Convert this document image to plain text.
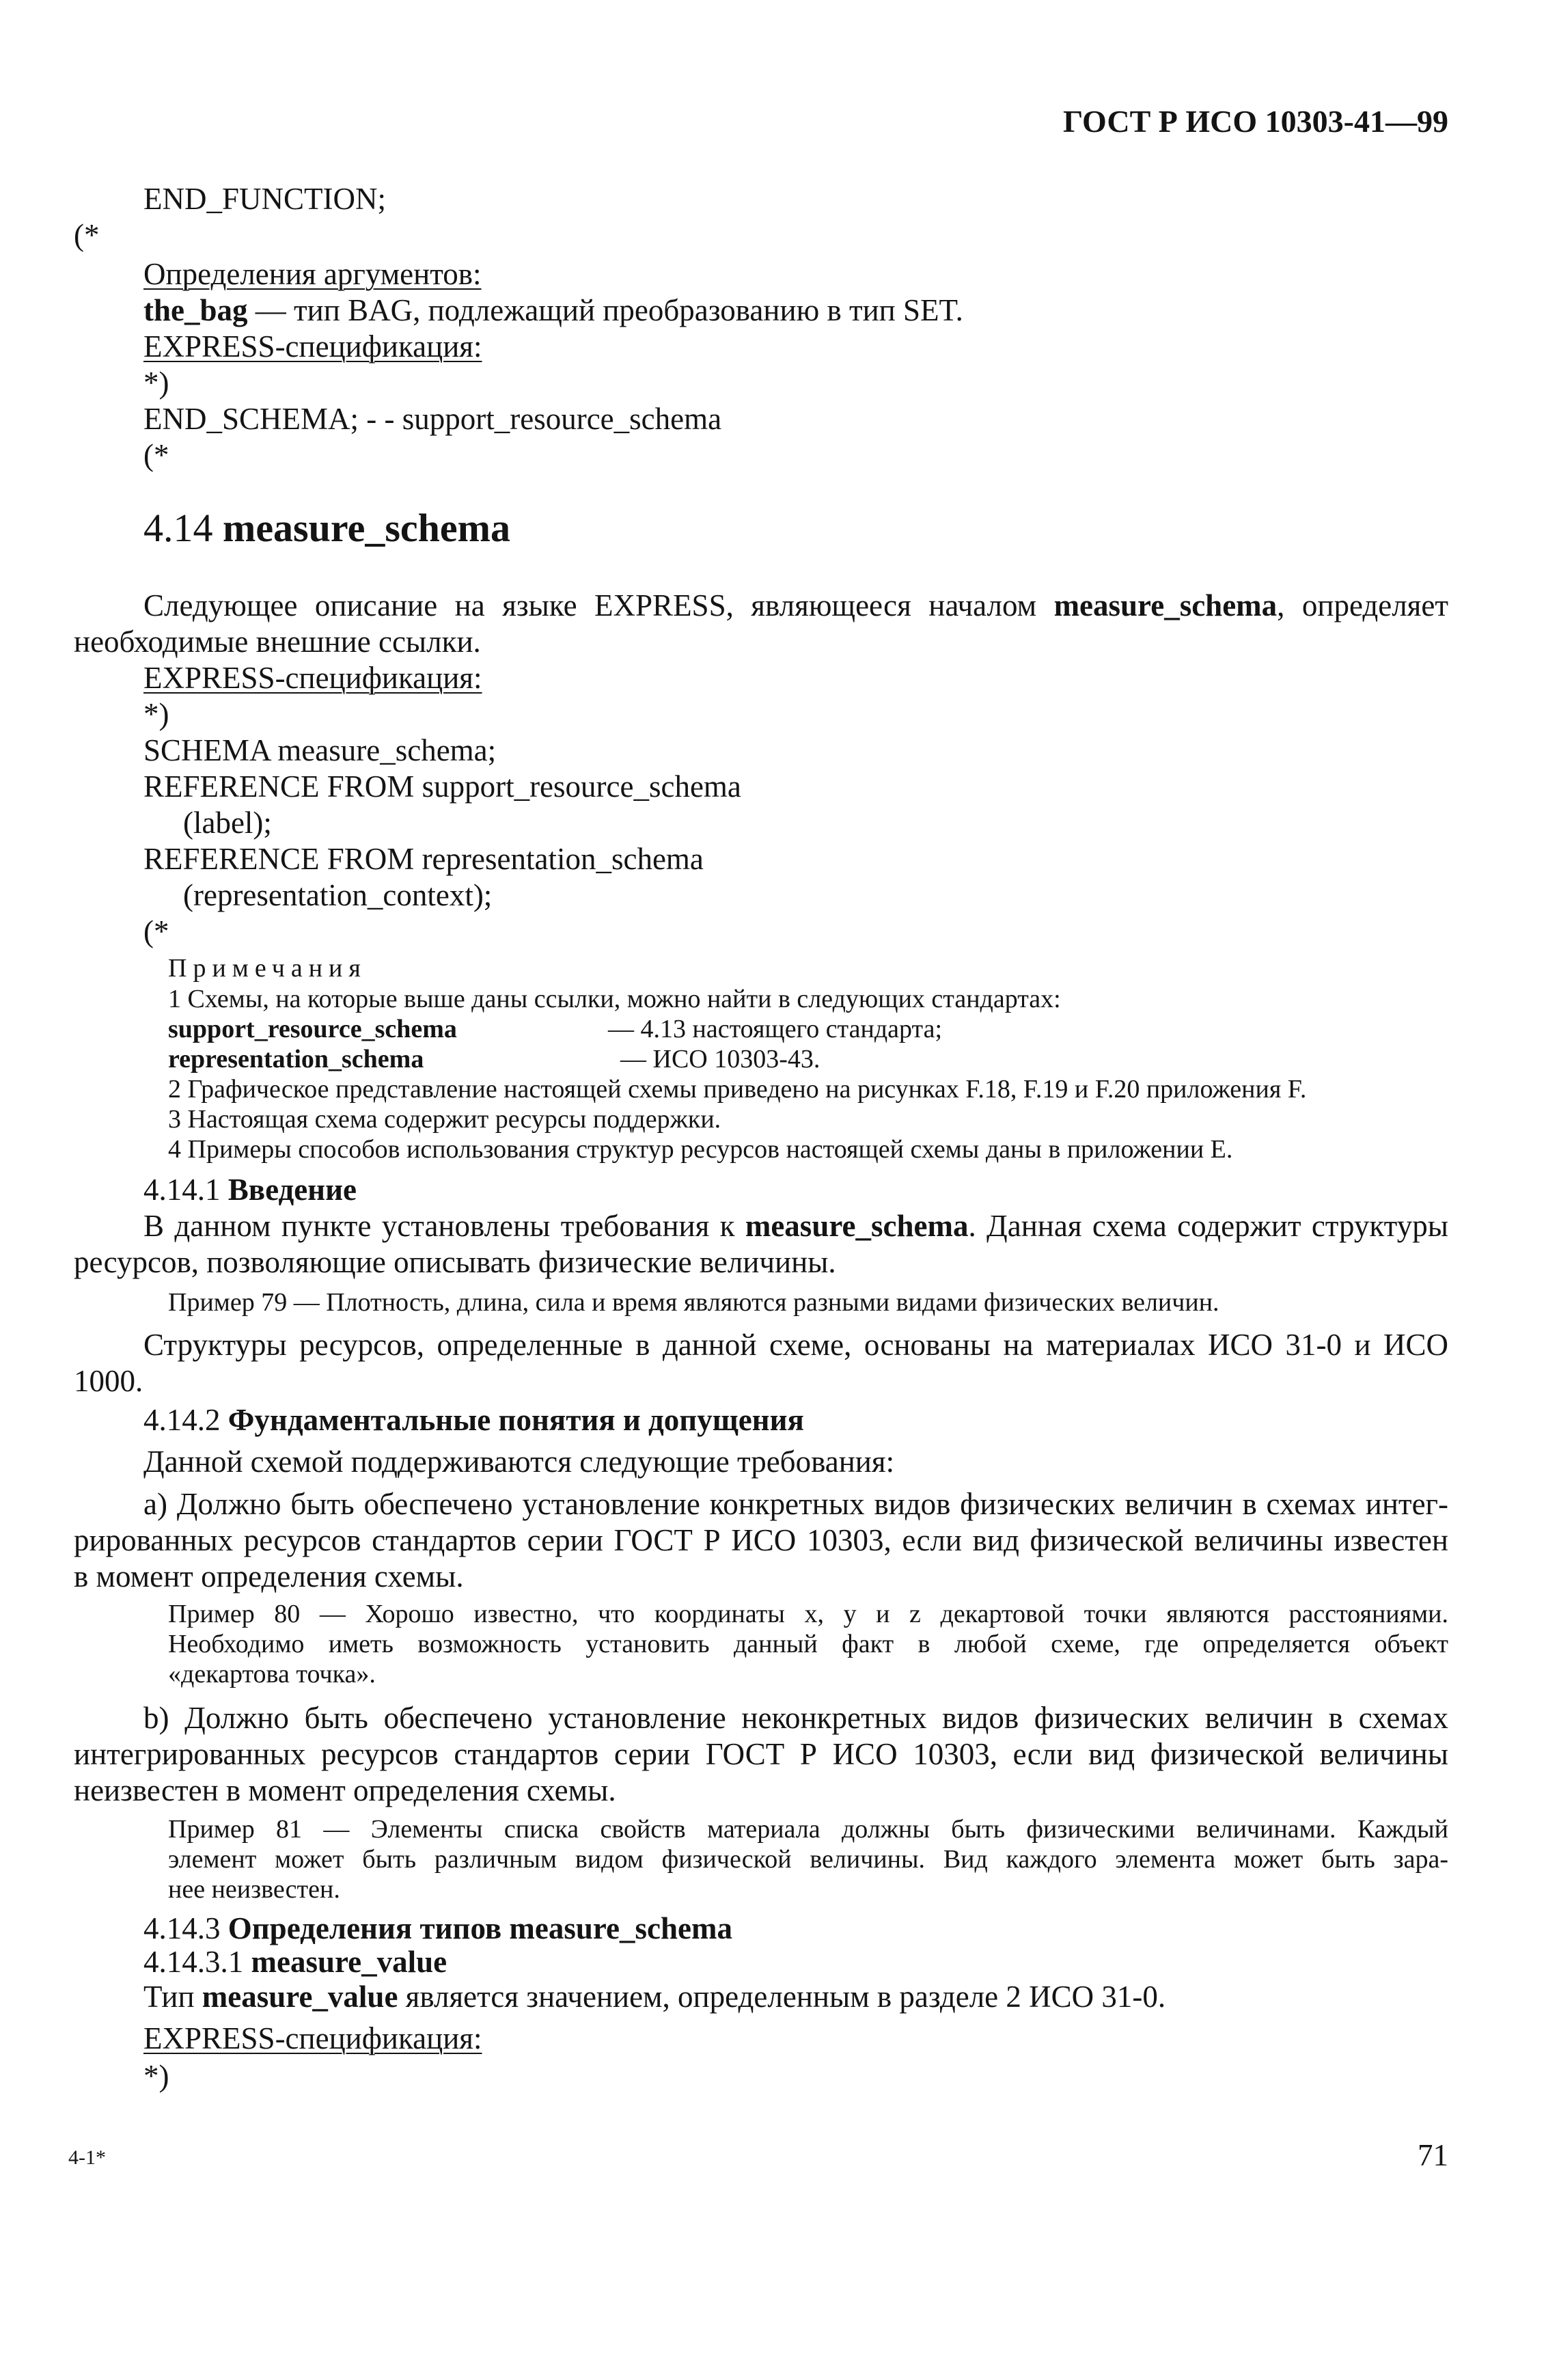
ГОСТ Р ИСО 10303-41—99
END_FUNCTION;
(*
Определения аргументов:
the_bag — тип BAG, подлежащий преобразованию в тип SET.
EXPRESS-спецификация:
*)
END_SCHEMA; - - support_resource_schema
(*
4.14 measure_schema
Следующее описание на языке EXPRESS, являющееся началом measure_schema, определяет
необходимые внешние ссылки.
EXPRESS-спецификация:
*)
SCHEMA measure_schema;
REFERENCE FROM support_resource_schema
(label);
REFERENCE FROM representation_schema
(representation_context);
(*
Примечания
1 Схемы, на которые выше даны ссылки, можно найти в следующих стандартах:
support_resource_schema	— 4.13 настоящего стандарта;
representation_schema	— ИСО 10303-43.
2 Графическое представление настоящей схемы приведено на рисунках F.18, F.19 и F.20 приложения F.
3 Настоящая схема содержит ресурсы поддержки.
4 Примеры способов использования структур ресурсов настоящей схемы даны в приложении Е.
4.14.1 Введение
В данном пункте установлены требования к measure_schema. Данная схема содержит структуры
ресурсов, позволяющие описывать физические величины.
Пример 79 — Плотность, длина, сила и время являются разными видами физических величин.
Структуры ресурсов, определенные в данной схеме, основаны на материалах ИСО 31-0 и ИСО
1000.
4.14.2 Фундаментальные понятия и допущения
Данной схемой поддерживаются следующие требования:
а) Должно быть обеспечено установление конкретных видов физических величин в схемах интег-
рированных ресурсов стандартов серии ГОСТ Р ИСО 10303, если вид физической величины известен
в момент определения схемы.
Пример 80 — Хорошо известно, что координаты x, y и z декартовой точки являются расстояниями.
Необходимо иметь возможность установить данный факт в любой схеме, где определяется объект
«декартова точка».
b) Должно быть обеспечено установление неконкретных видов физических величин в схемах
интегрированных ресурсов стандартов серии ГОСТ Р ИСО 10303, если вид физической величины
неизвестен в момент определения схемы.
Пример 81 — Элементы списка свойств материала должны быть физическими величинами. Каждый
элемент может быть различным видом физической величины. Вид каждого элемента может быть зара-
нее неизвестен.
4.14.3 Определения типов measure_schema
4.14.3.1 measure_value
Тип measure_value является значением, определенным в разделе 2 ИСО 31-0.
EXPRESS-спецификация:
*)
4-1*	71
